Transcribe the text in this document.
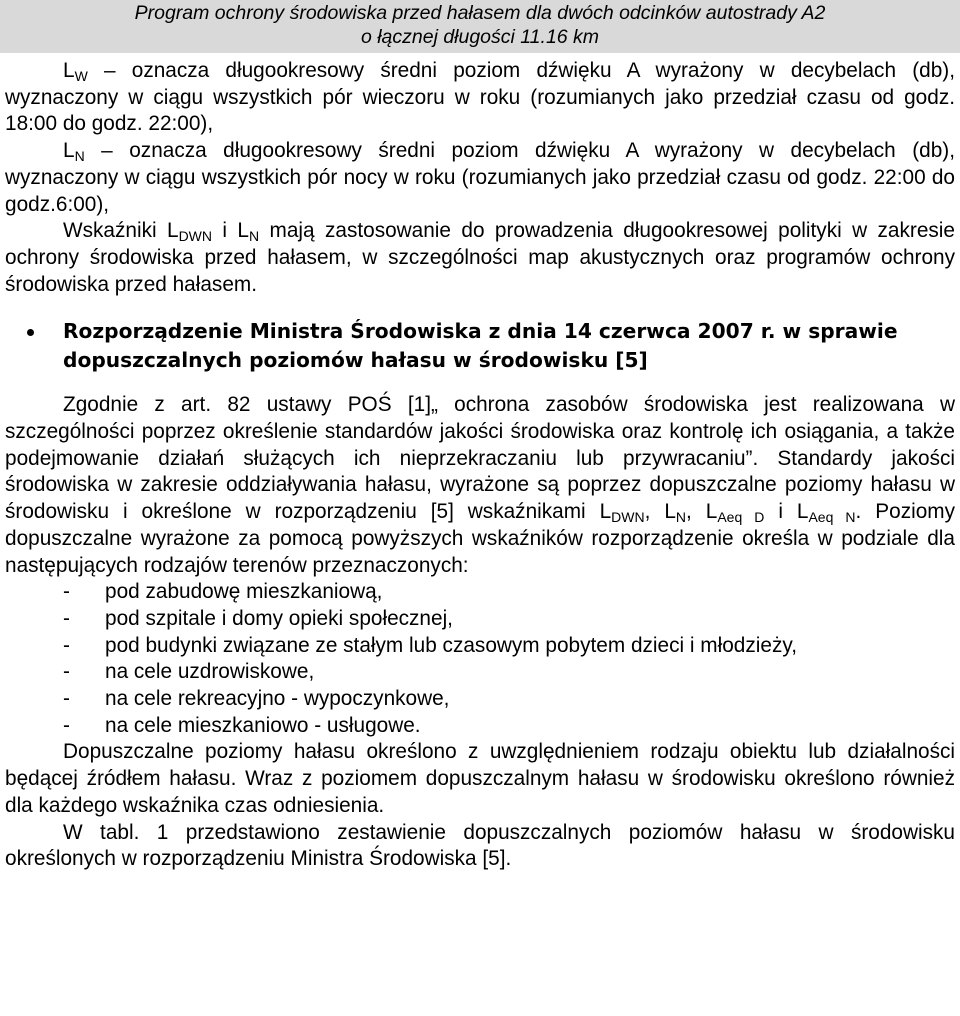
Program ochrony środowiska przed hałasem dla dwóch odcinków autostrady A2
o łącznej długości 11.16 km

$L_W$ – oznacza długookresowy średni poziom dźwięku A wyrażony w decybelach (db), wyznaczony w ciągu wszystkich pór wieczoru w roku (rozumianych jako przedział czasu od godz. 18:00 do godz. 22:00),

$L_N$ – oznacza długookresowy średni poziom dźwięku A wyrażony w decybelach (db), wyznaczony w ciągu wszystkich pór nocy w roku (rozumianych jako przedział czasu od godz. 22:00 do godz.6:00),

Wskaźniki $L_{DWN}$ i $L_N$ mają zastosowanie do prowadzenia długookresowej polityki w zakresie ochrony środowiska przed hałasem, w szczególności map akustycznych oraz programów ochrony środowiska przed hałasem.

Rozporządzenie Ministra Środowiska z dnia 14 czerwca 2007 r. w sprawie dopuszczalnych poziomów hałasu w środowisku [5]

Zgodnie z art. 82 ustawy POŚ [1]„ ochrona zasobów środowiska jest realizowana w szczególności poprzez określenie standardów jakości środowiska oraz kontrolę ich osiągania, a także podejmowanie działań służących ich nieprzekraczaniu lub przywracaniu”. Standardy jakości środowiska w zakresie oddziaływania hałasu, wyrażone są poprzez dopuszczalne poziomy hałasu w środowisku i określone w rozporządzeniu [5] wskaźnikami $L_{DWN}$, $L_N$, $L_{Aeq D}$ i $L_{Aeq N}$. Poziomy dopuszczalne wyrażone za pomocą powyższych wskaźników rozporządzenie określa w podziale dla następujących rodzajów terenów przeznaczonych:

- pod zabudowę mieszkaniową,
- pod szpitale i domy opieki społecznej,
- pod budynki związane ze stałym lub czasowym pobytem dzieci i młodzieży,
- na cele uzdrowiskowe,
- na cele rekreacyjno - wypoczynkowe,
- na cele mieszkaniowo - usługowe.

Dopuszczalne poziomy hałasu określono z uwzględnieniem rodzaju obiektu lub działalności będącej źródłem hałasu. Wraz z poziomem dopuszczalnym hałasu w środowisku określono również dla każdego wskaźnika czas odniesienia.

W tabl. 1 przedstawiono zestawienie dopuszczalnych poziomów hałasu w środowisku określonych w rozporządzeniu Ministra Środowiska [5].
